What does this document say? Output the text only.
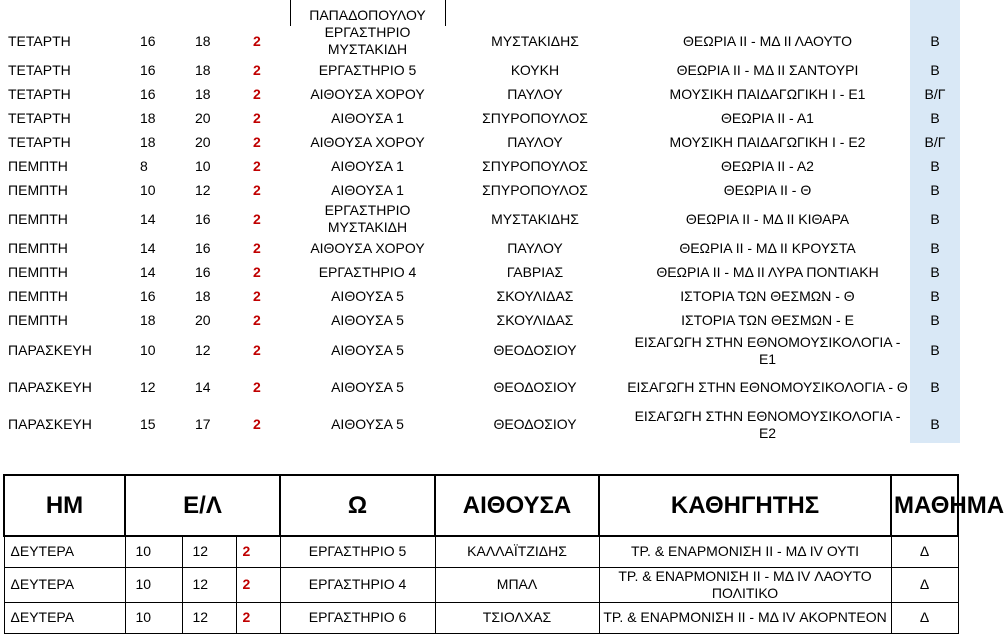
				ΠΑΠΑΔΟΠΟΥΛΟΥ			
ΤΕΤΑΡΤΗ	16	18	2	ΕΡΓΑΣΤΗΡΙΟ ΜΥΣΤΑΚΙΔΗ	ΜΥΣΤΑΚΙΔΗΣ	ΘΕΩΡΙΑ ΙΙ - ΜΔ ΙΙ ΛΑΟΥΤΟ	Β
ΤΕΤΑΡΤΗ	16	18	2	ΕΡΓΑΣΤΗΡΙΟ 5	ΚΟΥΚΗ	ΘΕΩΡΙΑ ΙΙ - ΜΔ ΙΙ ΣΑΝΤΟΥΡΙ	Β
ΤΕΤΑΡΤΗ	16	18	2	ΑΙΘΟΥΣΑ ΧΟΡΟΥ	ΠΑΥΛΟΥ	ΜΟΥΣΙΚΗ ΠΑΙΔΑΓΩΓΙΚΗ Ι - Ε1	Β/Γ
ΤΕΤΑΡΤΗ	18	20	2	ΑΙΘΟΥΣΑ 1	ΣΠΥΡΟΠΟΥΛΟΣ	ΘΕΩΡΙΑ ΙΙ - Α1	Β
ΤΕΤΑΡΤΗ	18	20	2	ΑΙΘΟΥΣΑ ΧΟΡΟΥ	ΠΑΥΛΟΥ	ΜΟΥΣΙΚΗ ΠΑΙΔΑΓΩΓΙΚΗ Ι - Ε2	Β/Γ
ΠΕΜΠΤΗ	8	10	2	ΑΙΘΟΥΣΑ 1	ΣΠΥΡΟΠΟΥΛΟΣ	ΘΕΩΡΙΑ ΙΙ - Α2	Β
ΠΕΜΠΤΗ	10	12	2	ΑΙΘΟΥΣΑ 1	ΣΠΥΡΟΠΟΥΛΟΣ	ΘΕΩΡΙΑ ΙΙ - Θ	Β
ΠΕΜΠΤΗ	14	16	2	ΕΡΓΑΣΤΗΡΙΟ ΜΥΣΤΑΚΙΔΗ	ΜΥΣΤΑΚΙΔΗΣ	ΘΕΩΡΙΑ ΙΙ - ΜΔ ΙΙ ΚΙΘΑΡΑ	Β
ΠΕΜΠΤΗ	14	16	2	ΑΙΘΟΥΣΑ ΧΟΡΟΥ	ΠΑΥΛΟΥ	ΘΕΩΡΙΑ ΙΙ - ΜΔ ΙΙ ΚΡΟΥΣΤΑ	Β
ΠΕΜΠΤΗ	14	16	2	ΕΡΓΑΣΤΗΡΙΟ 4	ΓΑΒΡΙΑΣ	ΘΕΩΡΙΑ ΙΙ - ΜΔ ΙΙ ΛΥΡΑ ΠΟΝΤΙΑΚΗ	Β
ΠΕΜΠΤΗ	16	18	2	ΑΙΘΟΥΣΑ 5	ΣΚΟΥΛΙΔΑΣ	ΙΣΤΟΡΙΑ ΤΩΝ ΘΕΣΜΩΝ - Θ	Β
ΠΕΜΠΤΗ	18	20	2	ΑΙΘΟΥΣΑ 5	ΣΚΟΥΛΙΔΑΣ	ΙΣΤΟΡΙΑ ΤΩΝ ΘΕΣΜΩΝ - Ε	Β
ΠΑΡΑΣΚΕΥΗ	10	12	2	ΑΙΘΟΥΣΑ 5	ΘΕΟΔΟΣΙΟΥ	ΕΙΣΑΓΩΓΗ ΣΤΗΝ ΕΘΝΟΜΟΥΣΙΚΟΛΟΓΙΑ - Ε1	Β
ΠΑΡΑΣΚΕΥΗ	12	14	2	ΑΙΘΟΥΣΑ 5	ΘΕΟΔΟΣΙΟΥ	ΕΙΣΑΓΩΓΗ ΣΤΗΝ ΕΘΝΟΜΟΥΣΙΚΟΛΟΓΙΑ - Θ	Β
ΠΑΡΑΣΚΕΥΗ	15	17	2	ΑΙΘΟΥΣΑ 5	ΘΕΟΔΟΣΙΟΥ	ΕΙΣΑΓΩΓΗ ΣΤΗΝ ΕΘΝΟΜΟΥΣΙΚΟΛΟΓΙΑ - Ε2	Β
ΗΜ	Ε/Λ			Ω	ΑΙΘΟΥΣΑ	ΚΑΘΗΓΗΤΗΣ	ΜΑΘΗΜΑ	
ΔΕΥΤΕΡΑ	10	12	2	ΕΡΓΑΣΤΗΡΙΟ 5	ΚΑΛΛΑΪΤΖΙΔΗΣ	ΤΡ. & ΕΝΑΡΜΟΝΙΣΗ ΙΙ - ΜΔ ΙV ΟΥΤΙ	Δ	
ΔΕΥΤΕΡΑ	10	12	2	ΕΡΓΑΣΤΗΡΙΟ 4	ΜΠΑΛ	ΤΡ. & ΕΝΑΡΜΟΝΙΣΗ ΙΙ - ΜΔ ΙV ΛΑΟΥΤΟ ΠΟΛΙΤΙΚΟ	Δ	
ΔΕΥΤΕΡΑ	10	12	2	ΕΡΓΑΣΤΗΡΙΟ 6	ΤΣΙΟΛΧΑΣ	ΤΡ. & ΕΝΑΡΜΟΝΙΣΗ ΙΙ - ΜΔ ΙV ΑΚΟΡΝΤΕΟΝ	Δ	
